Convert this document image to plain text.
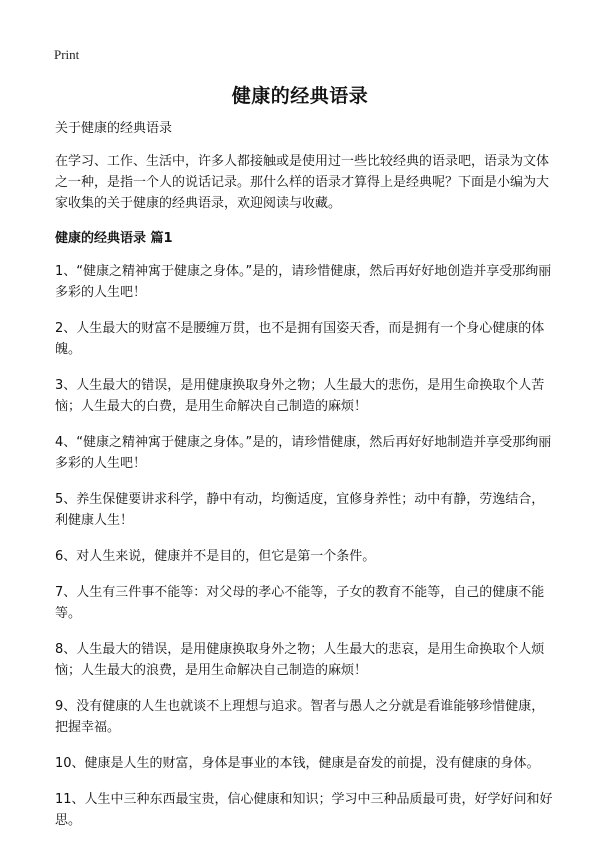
Print
健康的经典语录

关于健康的经典语录

在学习、工作、生活中，许多人都接触或是使用过一些比较经典的语录吧，语录为文体之一种，是指一个人的说话记录。那什么样的语录才算得上是经典呢？下面是小编为大家收集的关于健康的经典语录，欢迎阅读与收藏。

健康的经典语录 篇1

1、“健康之精神寓于健康之身体。”是的，请珍惜健康，然后再好好地创造并享受那绚丽多彩的人生吧！

2、人生最大的财富不是腰缠万贯，也不是拥有国姿天香，而是拥有一个身心健康的体魄。

3、人生最大的错误，是用健康换取身外之物；人生最大的悲伤，是用生命换取个人苦恼；人生最大的白费，是用生命解决自己制造的麻烦！

4、“健康之精神寓于健康之身体。”是的，请珍惜健康，然后再好好地制造并享受那绚丽多彩的人生吧！

5、养生保健要讲求科学，静中有动，均衡适度，宜修身养性；动中有静，劳逸结合，利健康人生！

6、对人生来说，健康并不是目的，但它是第一个条件。

7、人生有三件事不能等：对父母的孝心不能等，子女的教育不能等，自己的健康不能等。

8、人生最大的错误，是用健康换取身外之物；人生最大的悲哀，是用生命换取个人烦恼；人生最大的浪费，是用生命解决自己制造的麻烦！

9、没有健康的人生也就谈不上理想与追求。智者与愚人之分就是看谁能够珍惜健康，把握幸福。

10、健康是人生的财富，身体是事业的本钱，健康是奋发的前提，没有健康的身体。

11、人生中三种东西最宝贵，信心健康和知识；学习中三种品质最可贵，好学好问和好思。
